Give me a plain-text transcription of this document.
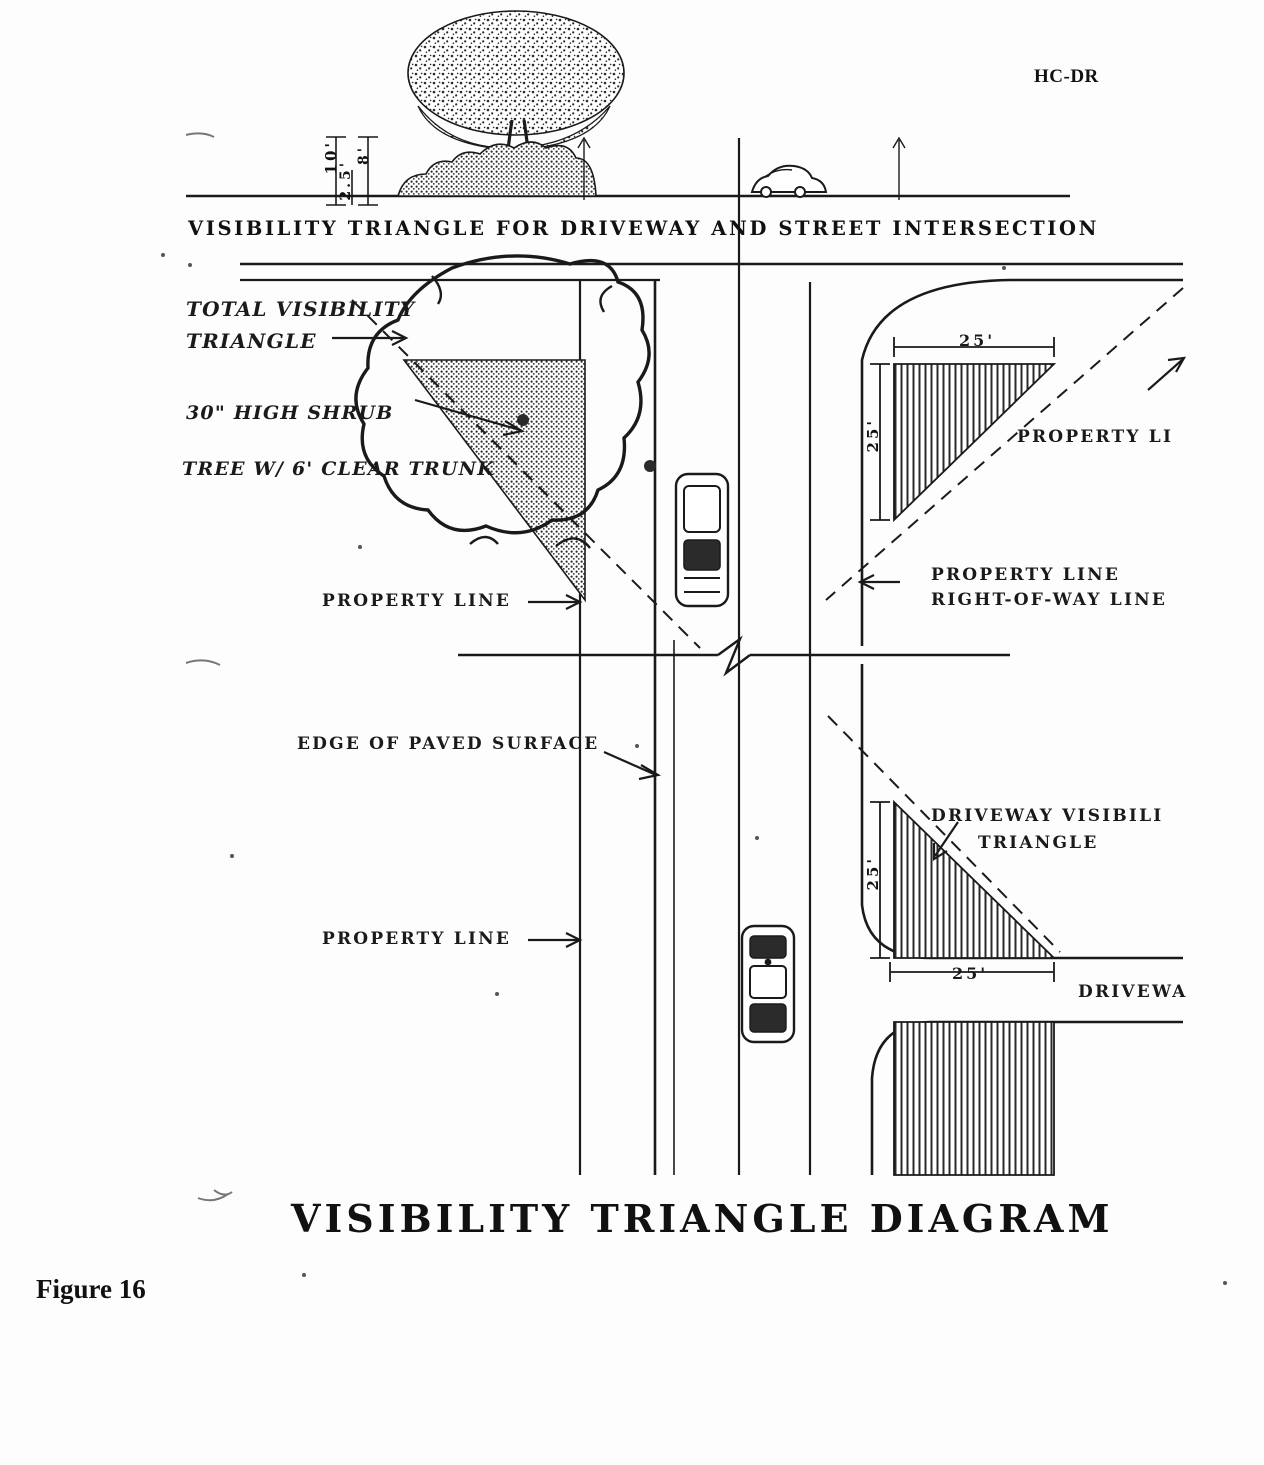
HC-DR
VISIBILITY TRIANGLE FOR DRIVEWAY AND STREET INTERSECTION
10' 8'
2.5'
TOTAL VISIBILITY
TRIANGLE
30" HIGH SHRUB
TREE W/ 6' CLEAR TRUNK
PROPERTY LINE
EDGE OF PAVED SURFACE
PROPERTY LINE
PROPERTY LI
PROPERTY LINE
RIGHT-OF-WAY LINE
DRIVEWAY VISIBILI
TRIANGLE
DRIVEWA
25'
25'
25'
25'
VISIBILITY TRIANGLE DIAGRAM
Figure 16
